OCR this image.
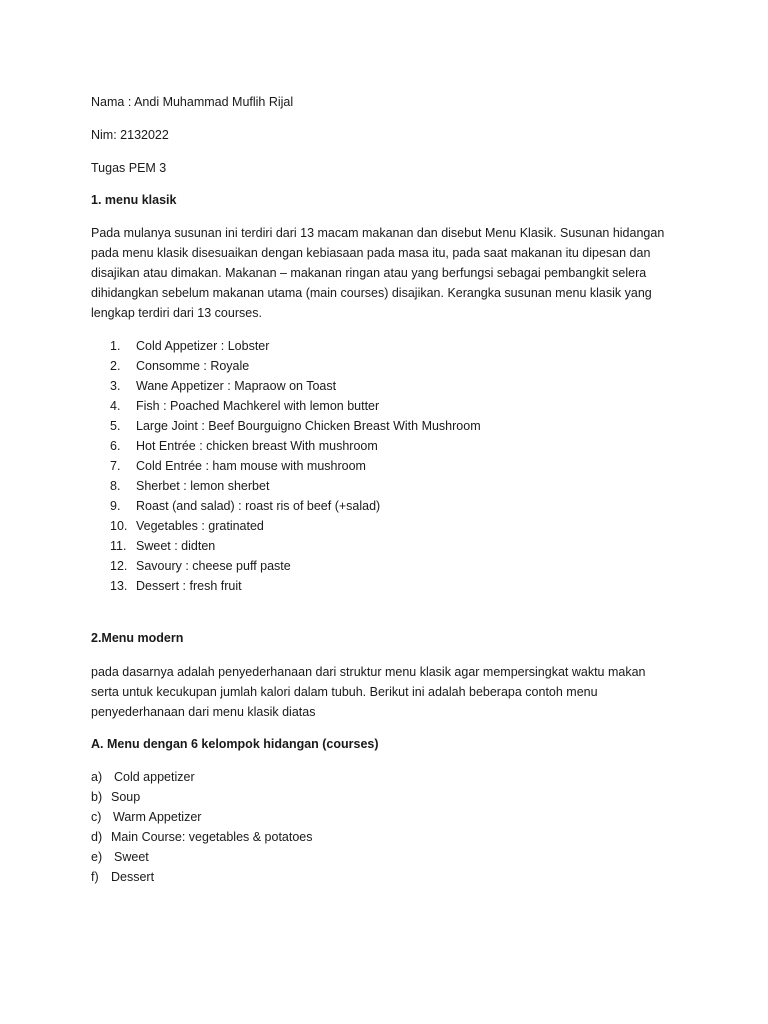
Nama : Andi Muhammad Muflih Rijal
Nim: 2132022
Tugas PEM 3
1. menu klasik
Pada mulanya susunan ini terdiri dari 13 macam makanan dan disebut Menu Klasik. Susunan hidangan
pada menu klasik disesuaikan dengan kebiasaan pada masa itu, pada saat makanan itu dipesan dan
disajikan atau dimakan. Makanan – makanan ringan atau yang berfungsi sebagai pembangkit selera
dihidangkan sebelum makanan utama (main courses) disajikan. Kerangka susunan menu klasik yang
lengkap terdiri dari 13 courses.
1.	Cold Appetizer : Lobster
2.	Consomme : Royale
3.	Wane Appetizer : Mapraow on Toast
4.	Fish : Poached Machkerel with lemon butter
5.	Large Joint : Beef Bourguigno Chicken Breast With Mushroom
6.	Hot Entrée : chicken breast With mushroom
7.	Cold Entrée : ham mouse with mushroom
8.	Sherbet : lemon sherbet
9.	Roast (and salad) : roast ris of beef (+salad)
10. Vegetables : gratinated
11. Sweet : didten
12. Savoury : cheese puff paste
13. Dessert : fresh fruit
2.Menu modern
pada dasarnya adalah penyederhanaan dari struktur menu klasik agar mempersingkat waktu makan
serta untuk kecukupan jumlah kalori dalam tubuh. Berikut ini adalah beberapa contoh menu
penyederhanaan dari menu klasik diatas
A. Menu dengan 6 kelompok hidangan (courses)
a) Cold appetizer
b) Soup
c) Warm Appetizer
d) Main Course: vegetables & potatoes
e) Sweet
f) Dessert
